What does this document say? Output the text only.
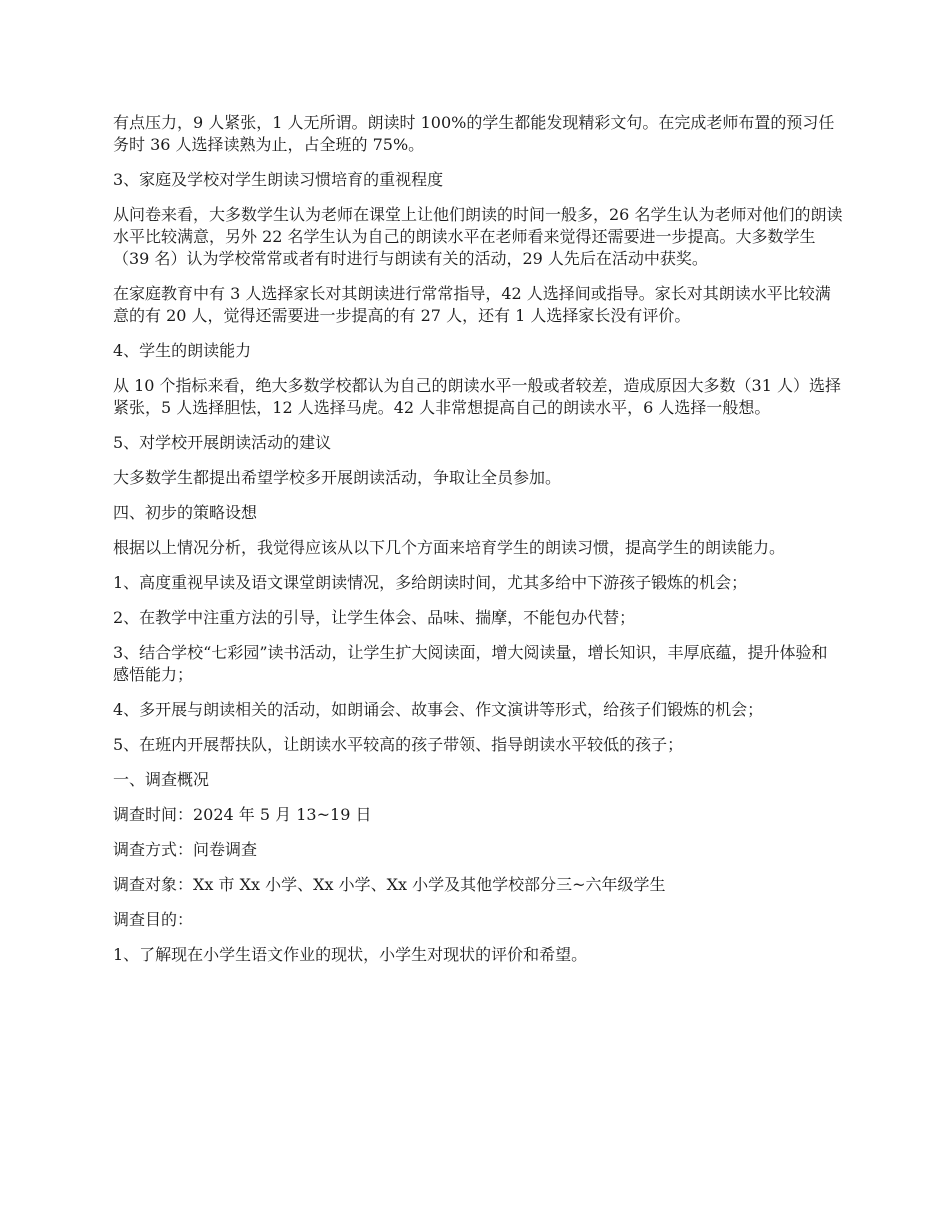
有点压力，9 人紧张，1 人无所谓。朗读时 100%的学生都能发现精彩文句。在完成老师布置的预习任务时 36 人选择读熟为止，占全班的 75%。

3、家庭及学校对学生朗读习惯培育的重视程度

从问卷来看，大多数学生认为老师在课堂上让他们朗读的时间一般多，26 名学生认为老师对他们的朗读水平比较满意，另外 22 名学生认为自己的朗读水平在老师看来觉得还需要进一步提高。大多数学生（39 名）认为学校常常或者有时进行与朗读有关的活动，29 人先后在活动中获奖。

在家庭教育中有 3 人选择家长对其朗读进行常常指导，42 人选择间或指导。家长对其朗读水平比较满意的有 20 人，觉得还需要进一步提高的有 27 人，还有 1 人选择家长没有评价。

4、学生的朗读能力

从 10 个指标来看，绝大多数学校都认为自己的朗读水平一般或者较差，造成原因大多数（31 人）选择紧张，5 人选择胆怯，12 人选择马虎。42 人非常想提高自己的朗读水平，6 人选择一般想。

5、对学校开展朗读活动的建议

大多数学生都提出希望学校多开展朗读活动，争取让全员参加。

四、初步的策略设想

根据以上情况分析，我觉得应该从以下几个方面来培育学生的朗读习惯，提高学生的朗读能力。

1、高度重视早读及语文课堂朗读情况，多给朗读时间，尤其多给中下游孩子锻炼的机会；

2、在教学中注重方法的引导，让学生体会、品味、揣摩，不能包办代替；

3、结合学校“七彩园”读书活动，让学生扩大阅读面，增大阅读量，增长知识，丰厚底蕴，提升体验和感悟能力；

4、多开展与朗读相关的活动，如朗诵会、故事会、作文演讲等形式，给孩子们锻炼的机会；

5、在班内开展帮扶队，让朗读水平较高的孩子带领、指导朗读水平较低的孩子；

一、调查概况

调查时间：2024 年 5 月 13~19 日

调查方式：问卷调查

调查对象：Xx 市 Xx 小学、Xx 小学、Xx 小学及其他学校部分三~六年级学生

调查目的：

1、了解现在小学生语文作业的现状，小学生对现状的评价和希望。
